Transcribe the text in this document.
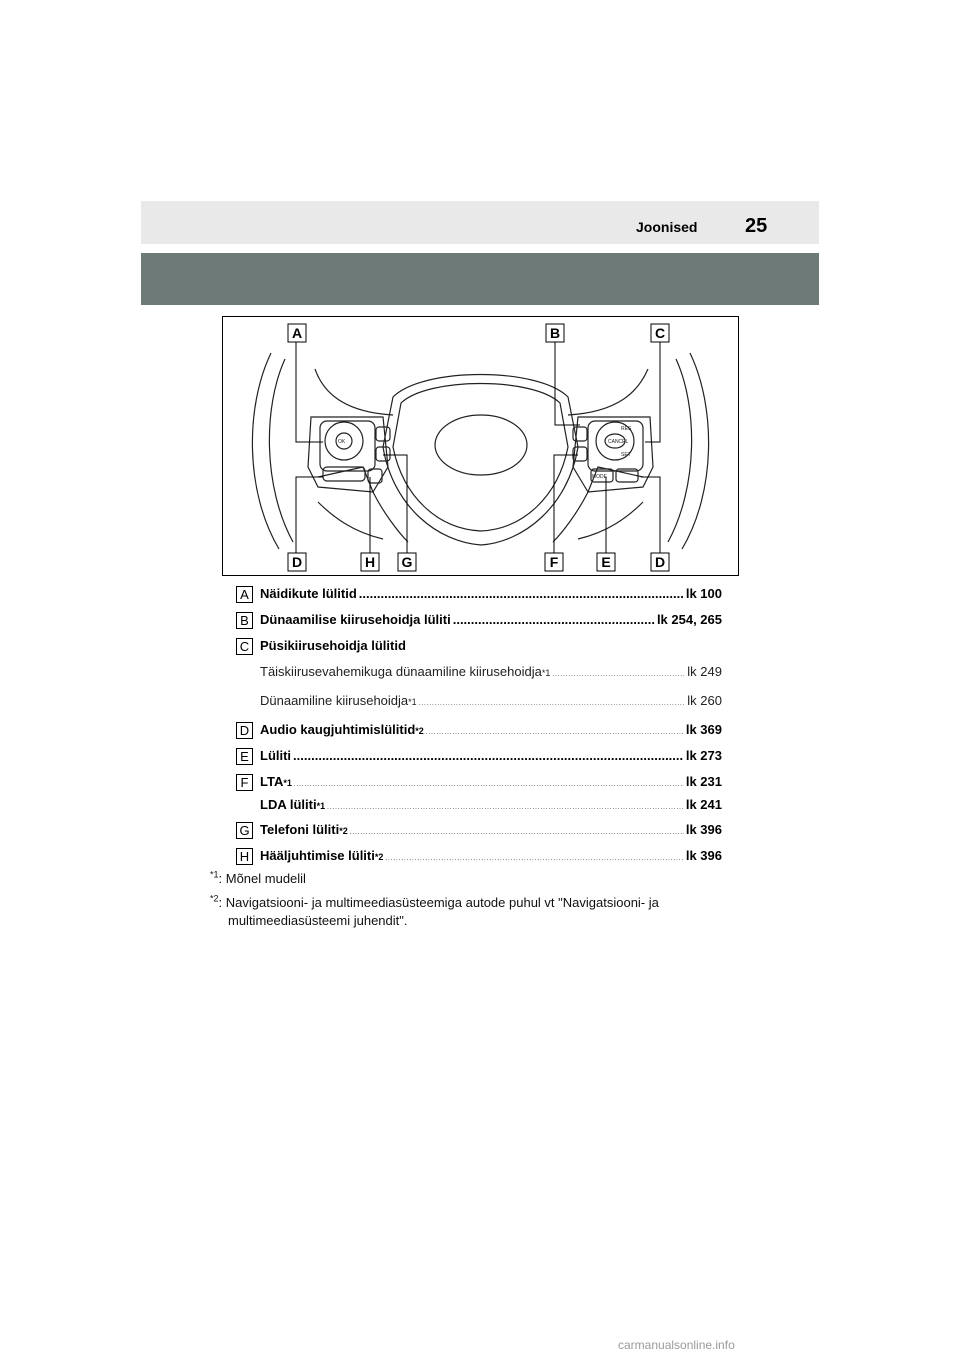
Joonised 25
OK
MODE
CANCEL
RES
SET
A	B	C
D	H G	F	E	D
A Näidikute lülitid .....	lk 100
B Dünaamilise kiirusehoidja lüliti .....	lk 254, 265
C Püsikiirusehoidja lülitid
Täiskiirusevahemikuga dünaamiline kiirusehoidja *1 .....	lk 249
Dünaamiline kiirusehoidja *1 .....	lk 260
D Audio kaugjuhtimislülitid *2 .....	lk 369
E Lüliti .....	lk 273
F LTA *1 .....	lk 231
LDA lüliti *1 .....	lk 241
G Telefoni lüliti *2 .....	lk 396
H Hääljuhtimise lüliti *2 .....	lk 396
$^{*1}$: Mõnel mudelil
$^{*2}$: Navigatsiooni- ja multimeediasüsteemiga autode puhul vt "Navigatsiooni- ja multimeediasüsteemi juhendit".
carmanualsonline.info
